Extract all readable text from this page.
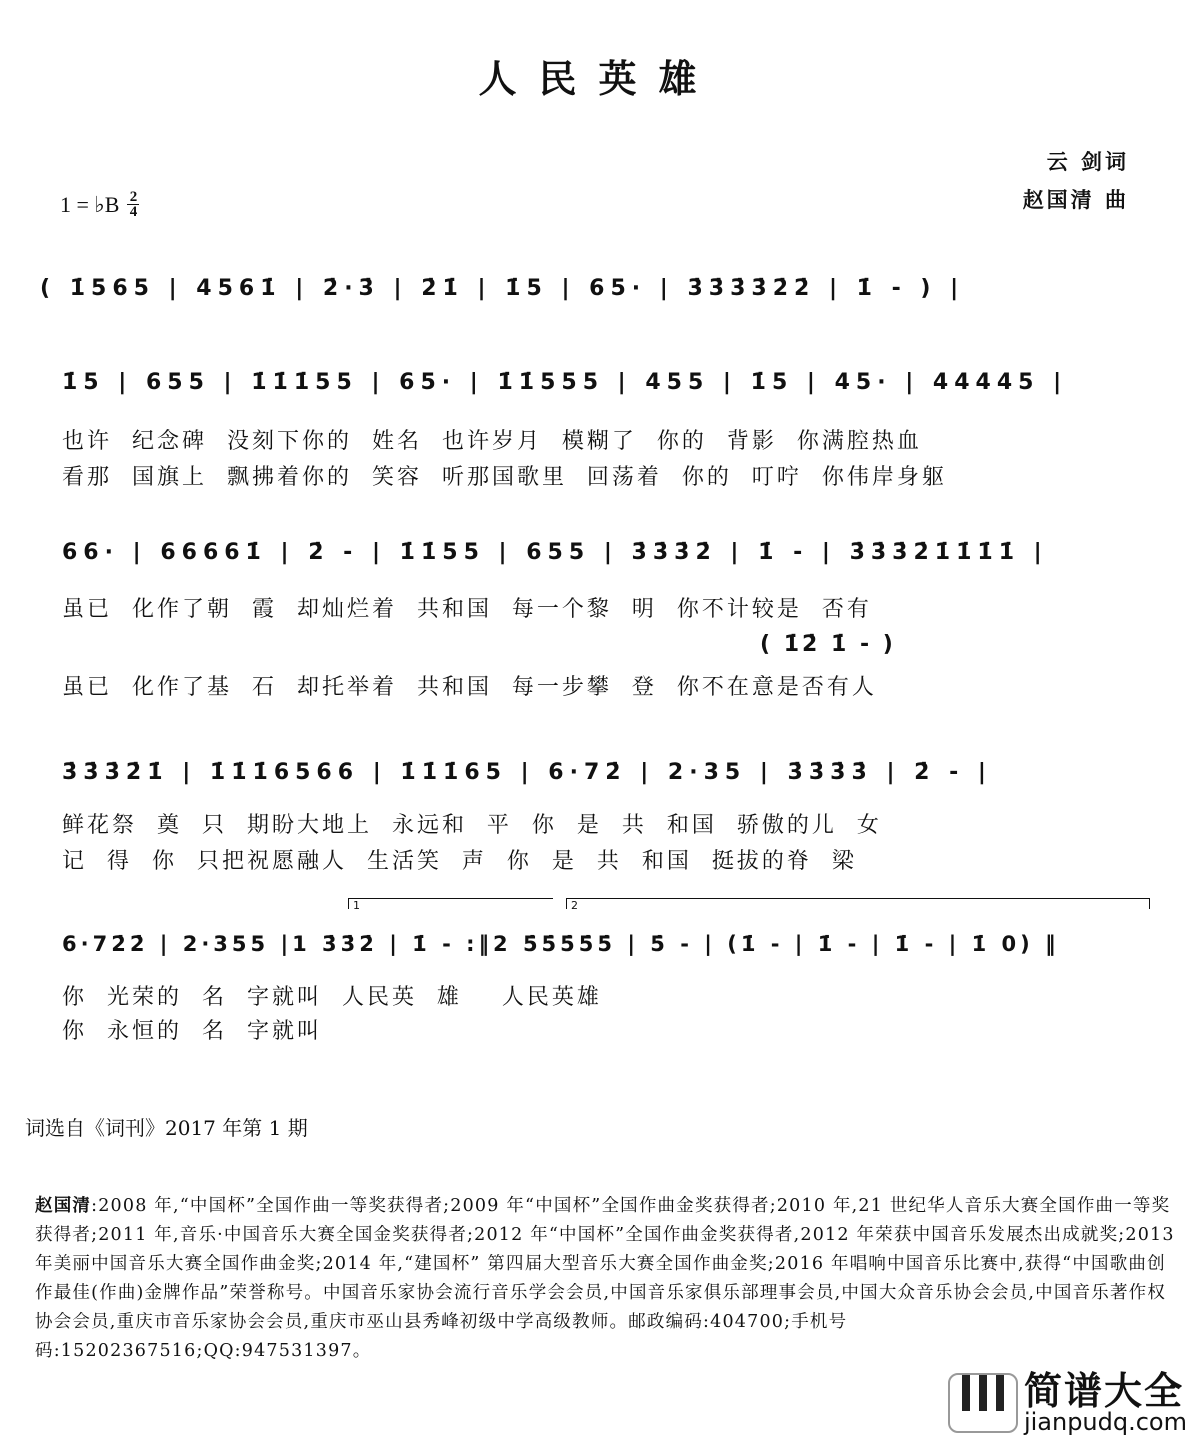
人民英雄
云 剑词
赵国清 曲
1 = ♭B $\frac{2}{4}$
( 1̇565 | 4561̇ | 2̇·3̇ | 2̇1̇ | 1̇5 | 65· | 3̇3̇3̇3̇2̇2̇ | 1̇ - ) |
1̇5 | 655 | 1̇1̇1̇55 | 65· | 1̇1̇555 | 455 | 1̇5 | 45· | 44445 |
也许  纪念碑  没刻下你的  姓名  也许岁月  模糊了  你的  背影  你满腔热血
看那  国旗上  飘拂着你的  笑容  听那国歌里  回荡着  你的  叮咛  你伟岸身躯
66· | 66661̇ | 2̇ - | 1̇1̇55 | 655 | 3̇3̇3̇2̇ | 1̇ - | 3̇3̇3̇2̇1̇1̇1̇1̇ |
虽已  化作了朝  霞  却灿烂着  共和国  每一个黎  明  你不计较是  否有
( 1̇2̇ 1̇ - )
虽已  化作了基  石  却托举着  共和国  每一步攀  登  你不在意是否有人
3̇3̇3̇2̇1̇ | 1̇1̇1̇6566 | 1̇1̇1̇65 | 6·72̇ | 2·35 | 3̇3̇3̇3̇ | 2̇ - |
鲜花祭  奠  只  期盼大地上  永远和  平  你  是  共  和国  骄傲的儿  女
记  得  你  只把祝愿融人  生活笑  声  你  是  共  和国  挺拔的脊  梁
1	2
6·72̇2̇ | 2·355 |1 3̇3̇2̇ | 1̇ - :‖2 5̇5̇5̇5̇5̇ | 5̇ - | (1̇ - | 1̇ - | 1̇ - | 1̇ 0) ‖
你  光荣的  名  字就叫  人民英  雄    人民英雄
你  永恒的  名  字就叫
词选自《词刊》2017 年第 1 期
赵国清:2008 年,“中国杯”全国作曲一等奖获得者;2009 年“中国杯”全国作曲金奖获得者;2010 年,21 世纪华人音乐大赛全国作曲一等奖获得者;2011 年,音乐·中国音乐大赛全国金奖获得者;2012 年“中国杯”全国作曲金奖获得者,2012 年荣获中国音乐发展杰出成就奖;2013 年美丽中国音乐大赛全国作曲金奖;2014 年,“建国杯” 第四届大型音乐大赛全国作曲金奖;2016 年唱响中国音乐比赛中,获得“中国歌曲创作最佳(作曲)金牌作品”荣誉称号。中国音乐家协会流行音乐学会会员,中国音乐家俱乐部理事会员,中国大众音乐协会会员,中国音乐著作权协会会员,重庆市音乐家协会会员,重庆市巫山县秀峰初级中学高级教师。邮政编码:404700;手机号码:15202367516;QQ:947531397。
简谱大全
jianpudq.com
